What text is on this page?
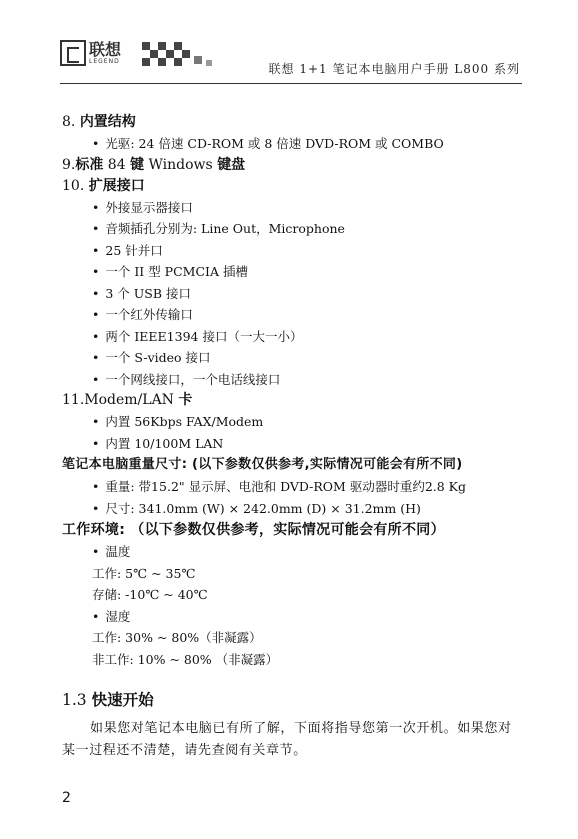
联想
LEGEND
联想 1+1 笔记本电脑用户手册 L800 系列
8. 内置结构
• 光驱: 24 倍速 CD-ROM 或 8 倍速 DVD-ROM 或 COMBO
9.标准 84 键 Windows 键盘
10. 扩展接口
• 外接显示器接口
• 音频插孔分别为: Line Out，Microphone
• 25 针并口
• 一个 II 型 PCMCIA 插槽
• 3 个 USB 接口
• 一个红外传输口
• 两个 IEEE1394 接口（一大一小）
• 一个 S-video 接口
• 一个网线接口，一个电话线接口
11.Modem/LAN 卡
• 内置 56Kbps FAX/Modem
• 内置 10/100M LAN
笔记本电脑重量尺寸: (以下参数仅供参考,实际情况可能会有所不同)
• 重量: 带15.2" 显示屏、电池和 DVD-ROM 驱动器时重约2.8 Kg
• 尺寸: 341.0mm (W) × 242.0mm (D) × 31.2mm (H)
工作环境: （以下参数仅供参考，实际情况可能会有所不同）
• 温度
工作: 5℃ ~ 35℃
存储: -10℃ ~ 40℃
• 湿度
工作: 30% ~ 80%（非凝露）
非工作: 10% ~ 80% （非凝露）
1.3 快速开始
如果您对笔记本电脑已有所了解，下面将指导您第一次开机。如果您对某一过程还不清楚，请先查阅有关章节。
2
